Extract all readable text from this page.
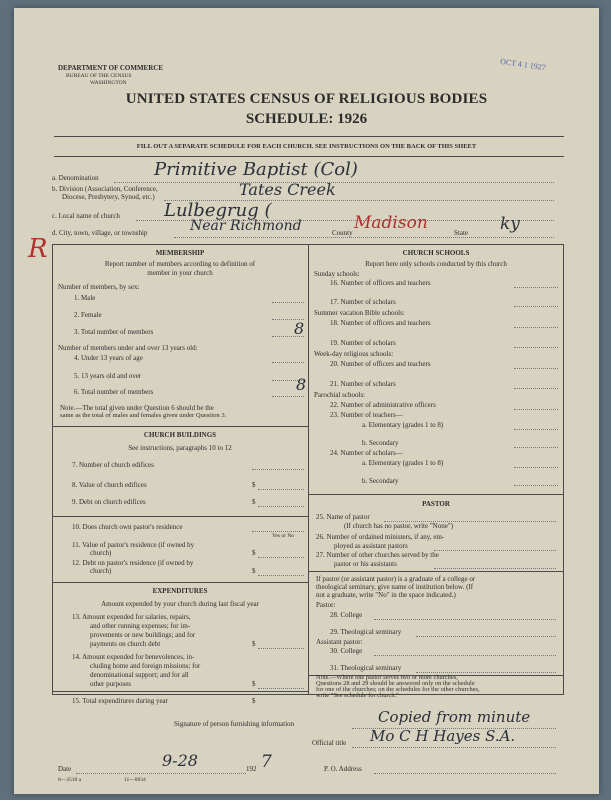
DEPARTMENT OF COMMERCE
BUREAU OF THE CENSUS
WASHINGTON
OCT 4 1 1927
UNITED STATES CENSUS OF RELIGIOUS BODIES
SCHEDULE: 1926
FILL OUT A SEPARATE SCHEDULE FOR EACH CHURCH. SEE INSTRUCTIONS ON THE BACK OF THIS SHEET
a. Denomination	Primitive Baptist (Col)
b. Division (Association, Conference,
Diocese, Presbytery, Synod, etc.)	Tates Creek
c. Local name of church Lulbegrug (
d. City, town, village, or township	Near Richmond	County Madison	State ky
R	MEMBERSHIP
Report number of members according to definition of
member in your church
Number of members, by sex:
1. Male
2. Female
3. Total number of members	8
Number of members under and over 13 years old:
4. Under 13 years of age
5. 13 years old and over
6. Total number of members	8
Note.—The total given under Question 6 should be the
same as the total of males and females given under Question 3.
CHURCH BUILDINGS
See instructions, paragraphs 10 to 12
7. Number of church edifices
8. Value of church edifices	$
9. Debt on church edifices	$
10. Does church own pastor's residence
Yes or No
11. Value of pastor's residence (if owned by
church)	$
12. Debt on pastor's residence (if owned by
church)	$
EXPENDITURES
Amount expended by your church during last fiscal year
13. Amount expended for salaries, repairs,
and other running expenses; for im-
provements or new buildings; and for
payments on church debt	$
14. Amount expended for benevolences, in-
cluding home and foreign missions; for
denominational support; and for all
other purposes	$
15. Total expenditures during year	$
CHURCH SCHOOLS
Report here only schools conducted by this church
Sunday schools:
16. Number of officers and teachers
17. Number of scholars
Summer vacation Bible schools:
18. Number of officers and teachers
19. Number of scholars
Week-day religious schools:
20. Number of officers and teachers
21. Number of scholars
Parochial schools:
22. Number of administrative officers
23. Number of teachers—
a. Elementary (grades 1 to 8)
b. Secondary
24. Number of scholars—
a. Elementary (grades 1 to 8)
b. Secondary
PASTOR
25. Name of pastor
(If church has no pastor, write "None")
26. Number of ordained ministers, if any, em-
ployed as assistant pastors
27. Number of other churches served by the
pastor or his assistants
If pastor (or assistant pastor) is a graduate of a college or
theological seminary, give name of institution below. (If
not a graduate, write "No" in the space indicated.)
Pastor:
28. College
29. Theological seminary
Assistant pastor:
30. College
31. Theological seminary
Note.—Where one pastor serves two or more churches,
Questions 28 and 29 should be answered only on the schedule
for one of the churches; on the schedules for the other churches,
write "See schedule for church."
Signature of person furnishing information	Copied from minute
Official title Mo C H Hayes S.A.
Date	9-28	192 7	P. O. Address
8—3518 a	11—0034
